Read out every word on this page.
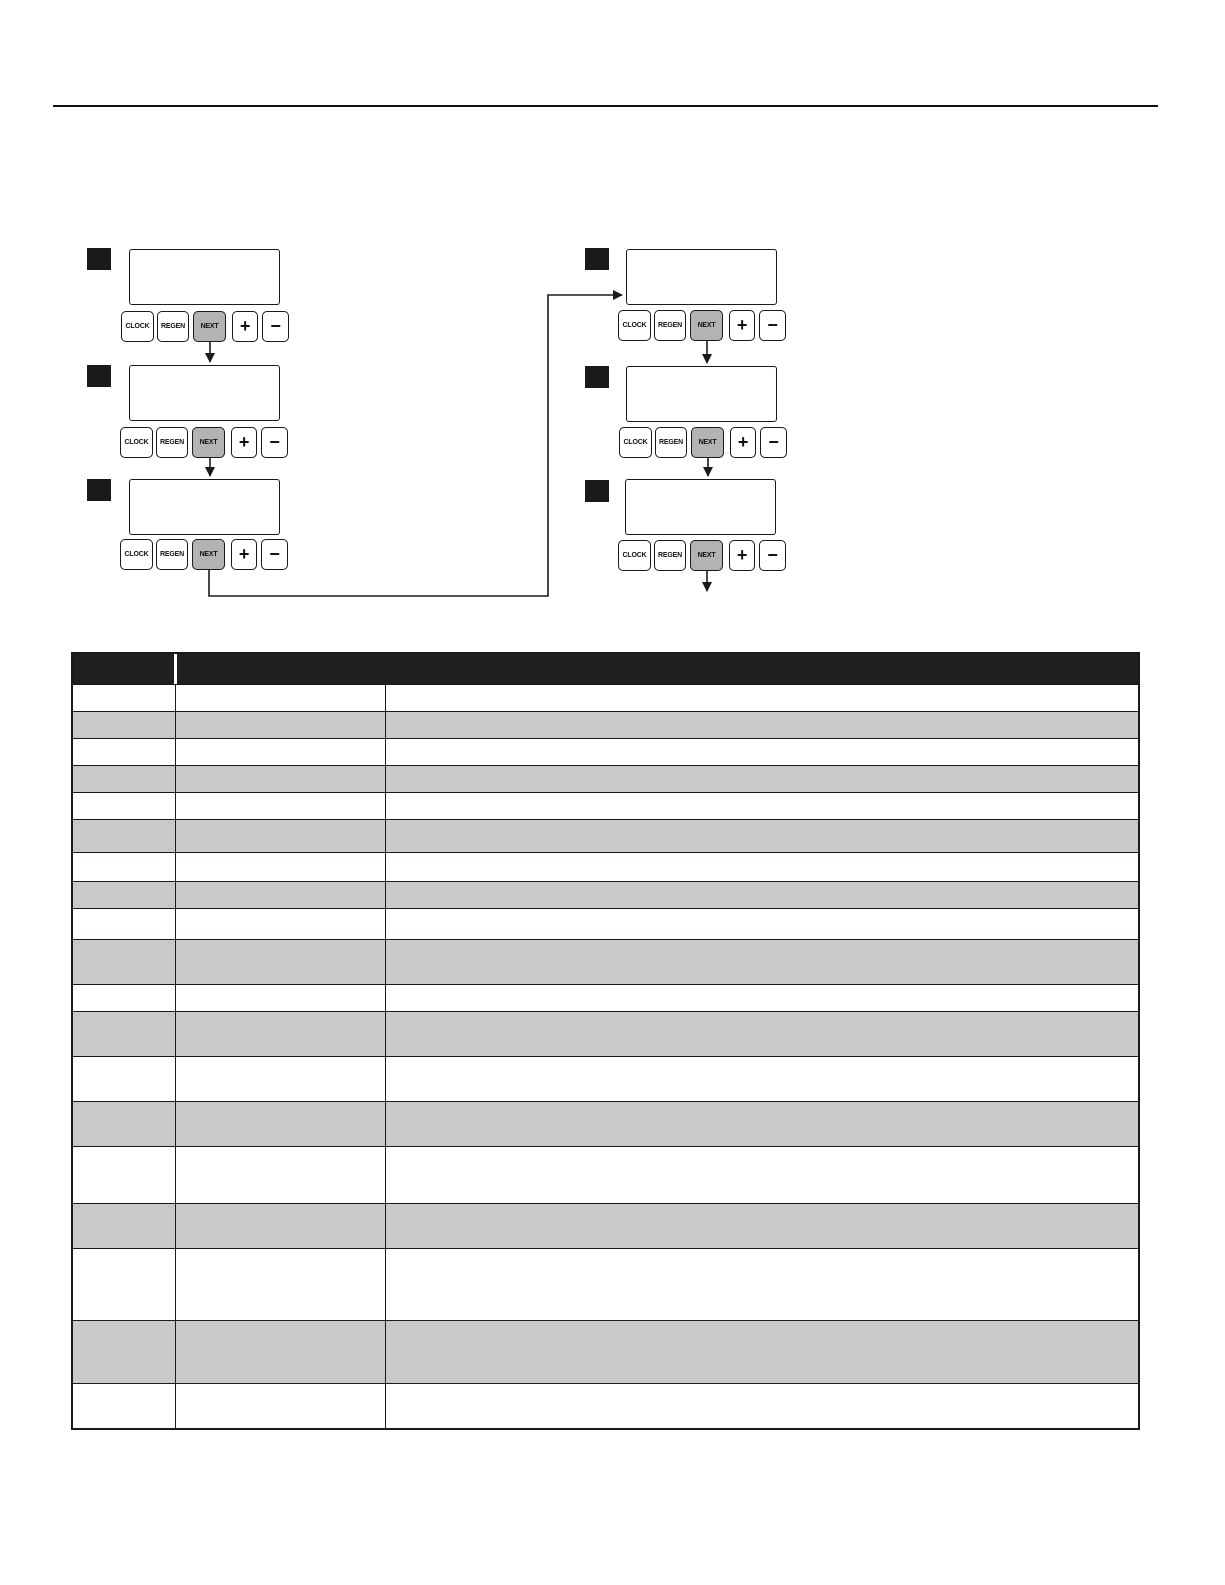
CLOCK	REGEN	NEXT	+	−
CLOCK	REGEN	NEXT	+	−
CLOCK	REGEN	NEXT	+	−
CLOCK	REGEN	NEXT	+	−
CLOCK	REGEN	NEXT	+	−
CLOCK	REGEN	NEXT	+	−
